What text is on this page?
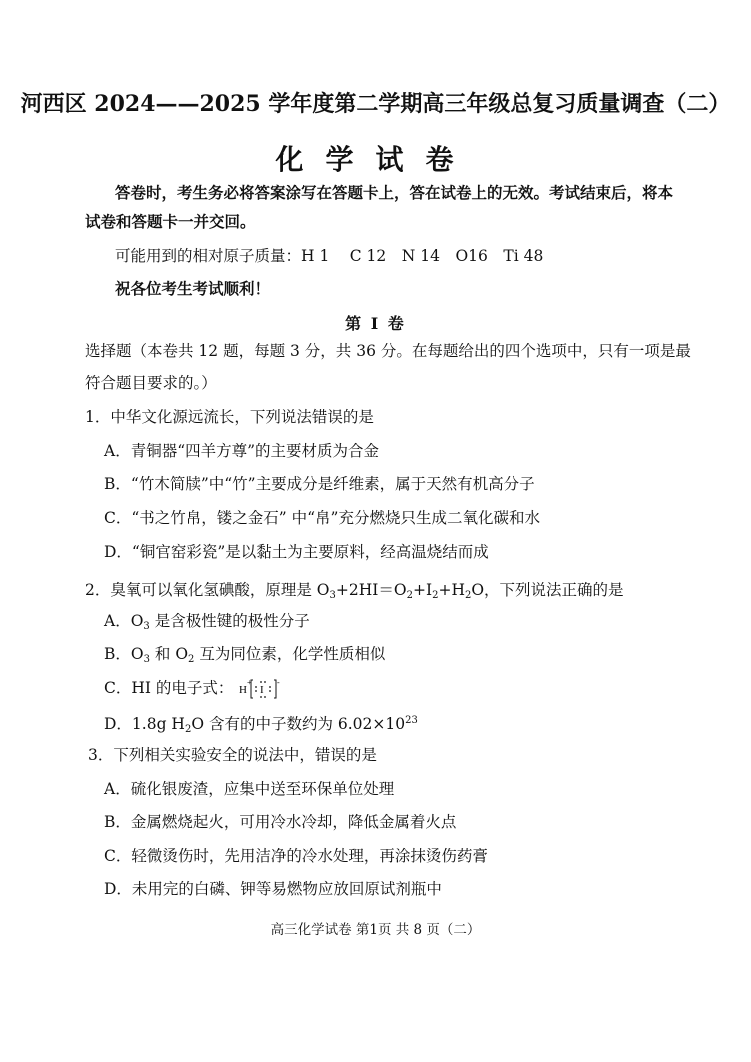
河西区 2024——2025 学年度第二学期高三年级总复习质量调查（二）
化学试卷
答卷时，考生务必将答案涂写在答题卡上，答在试卷上的无效。考试结束后，将本
试卷和答题卡一并交回。
可能用到的相对原子质量：H 1　 C 12　N 14　O16　Ti 48
祝各位考生考试顺利！
第 I 卷
选择题（本卷共 12 题，每题 3 分，共 36 分。在每题给出的四个选项中，只有一项是最
符合题目要求的。）
1．中华文化源远流长，下列说法错误的是
A．青铜器“四羊方尊”的主要材质为合金
B．“竹木简牍”中“竹”主要成分是纤维素，属于天然有机高分子
C．“书之竹帛，镂之金石” 中“帛”充分燃烧只生成二氧化碳和水
D．“铜官窑彩瓷”是以黏土为主要原料，经高温烧结而成
2．臭氧可以氧化氢碘酸，原理是 $O_3+2HI=O_2+I_2+H_2O$，下列说法正确的是
A．$O_3$ 是含极性键的极性分子
B．$O_3$ 和 $O_2$ 互为同位素，化学性质相似
C．HI 的电子式： H
+
I
-
D．1.8g $H_2O$ 含有的中子数约为 $6.02\times 10^{23}$
3．下列相关实验安全的说法中，错误的是
A．硫化银废渣，应集中送至环保单位处理
B．金属燃烧起火，可用冷水冷却，降低金属着火点
C．轻微烫伤时，先用洁净的冷水处理，再涂抹烫伤药膏
D．未用完的白磷、钾等易燃物应放回原试剂瓶中
高三化学试卷 第1页 共 8 页（二）
